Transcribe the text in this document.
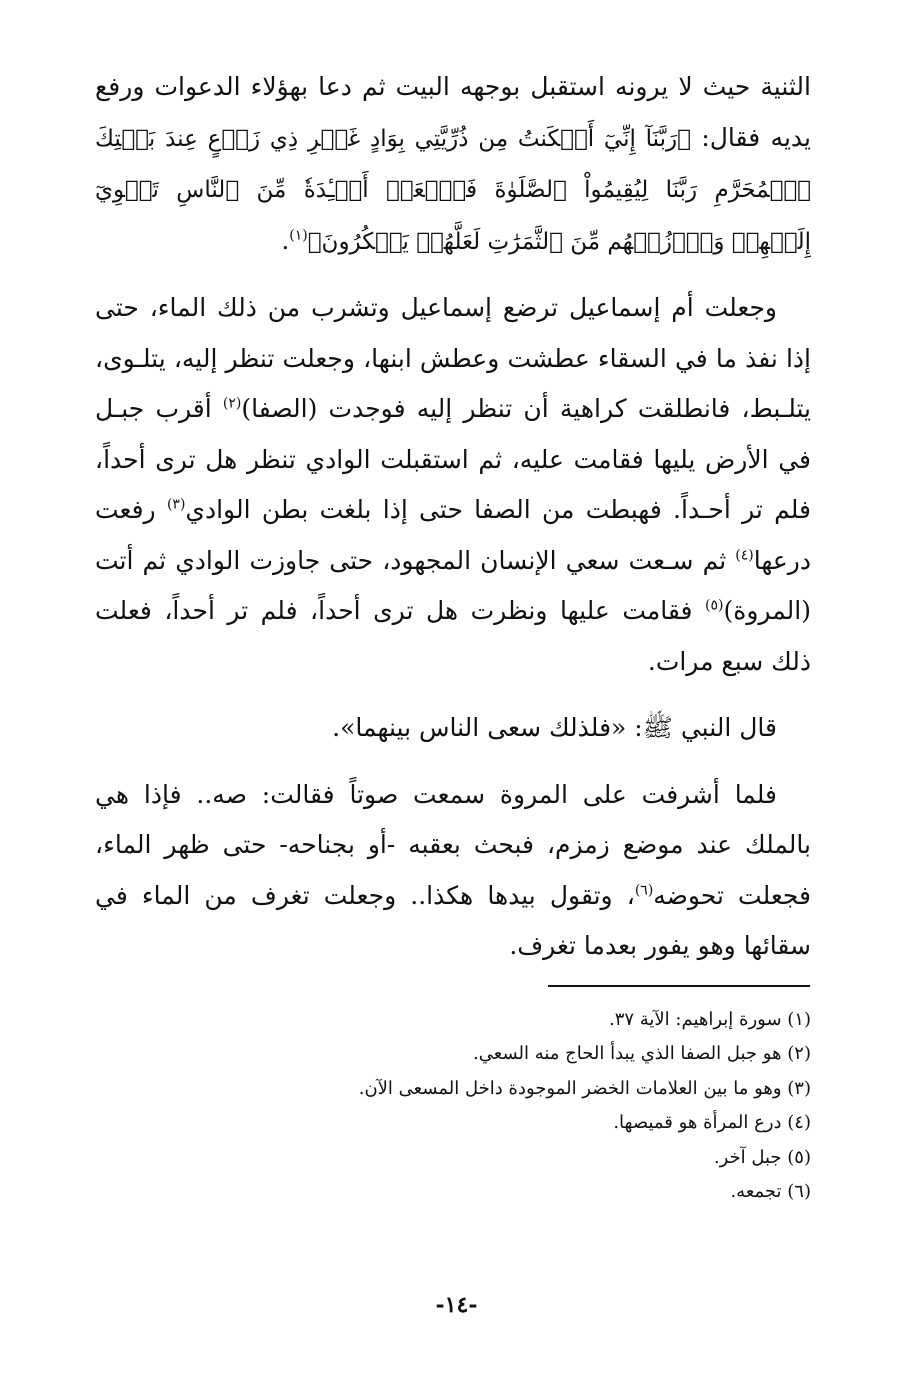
الثنية حيث لا يرونه استقبل بوجهه البيت ثم دعا بهؤلاء الدعوات ورفع يديه فقال: ﴿رَبَّنَآ إِنِّيٓ أَسۡكَنتُ مِن ذُرِّيَّتِي بِوَادٍ غَيۡرِ ذِي زَرۡعٍ عِندَ بَيۡتِكَ ٱلۡمُحَرَّمِ رَبَّنَا لِيُقِيمُواْ ٱلصَّلَوٰةَ فَٱجۡعَلۡ أَفۡـِٔدَةٗ مِّنَ ٱلنَّاسِ تَهۡوِيٓ إِلَيۡهِمۡ وَٱرۡزُقۡهُم مِّنَ ٱلثَّمَرَٰتِ لَعَلَّهُمۡ يَشۡكُرُونَ﴾$^{(١)}$.

وجعلت أم إسماعيل ترضع إسماعيل وتشرب من ذلك الماء، حتى إذا نفذ ما في السقاء عطشت وعطش ابنها، وجعلت تنظر إليه، يتلـوى، يتلـبط، فانطلقت كراهية أن تنظر إليه فوجدت (الصفا)$^{(٢)}$ أقرب جبـل في الأرض يليها فقامت عليه، ثم استقبلت الوادي تنظر هل ترى أحداً، فلم تر أحـداً. فهبطت من الصفا حتى إذا بلغت بطن الوادي$^{(٣)}$ رفعت درعها$^{(٤)}$ ثم سـعت سعي الإنسان المجهود، حتى جاوزت الوادي ثم أتت (المروة)$^{(٥)}$ فقامت عليها ونظرت هل ترى أحداً، فلم تر أحداً، فعلت ذلك سبع مرات.

قال النبي ﷺ: «فلذلك سعى الناس بينهما».

فلما أشرفت على المروة سمعت صوتاً فقالت: صه.. فإذا هي بالملك عند موضع زمزم، فبحث بعقبه -أو بجناحه- حتى ظهر الماء، فجعلت تحوضه$^{(٦)}$، وتقول بيدها هكذا.. وجعلت تغرف من الماء في سقائها وهو يفور بعدما تغرف.

(١) سورة إبراهيم: الآية ٣٧.
(٢) هو جبل الصفا الذي يبدأ الحاج منه السعي.
(٣) وهو ما بين العلامات الخضر الموجودة داخل المسعى الآن.
(٤) درع المرأة هو قميصها.
(٥) جبل آخر.
(٦) تجمعه.
-١٤-
